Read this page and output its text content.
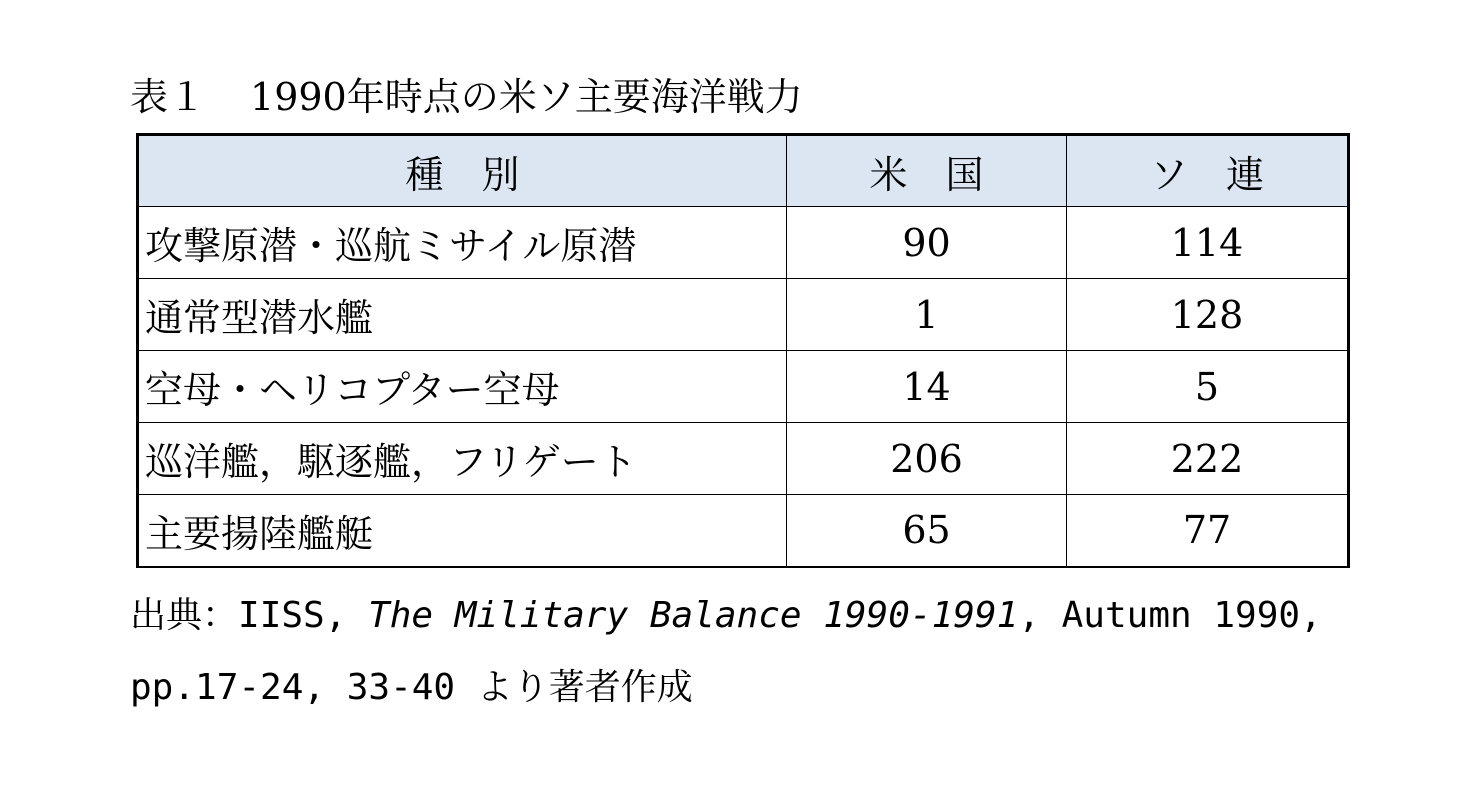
表１ 1990年時点の米ソ主要海洋戦力
種 別	米 国	ソ 連
攻撃原潜・巡航ミサイル原潜	90	114
通常型潜水艦	1	128
空母・ヘリコプター空母	14	5
巡洋艦，駆逐艦，フリゲート	206	222
主要揚陸艦艇	65	77
出典：IISS, The Military Balance 1990-1991, Autumn 1990,
pp.17-24, 33-40 より著者作成
